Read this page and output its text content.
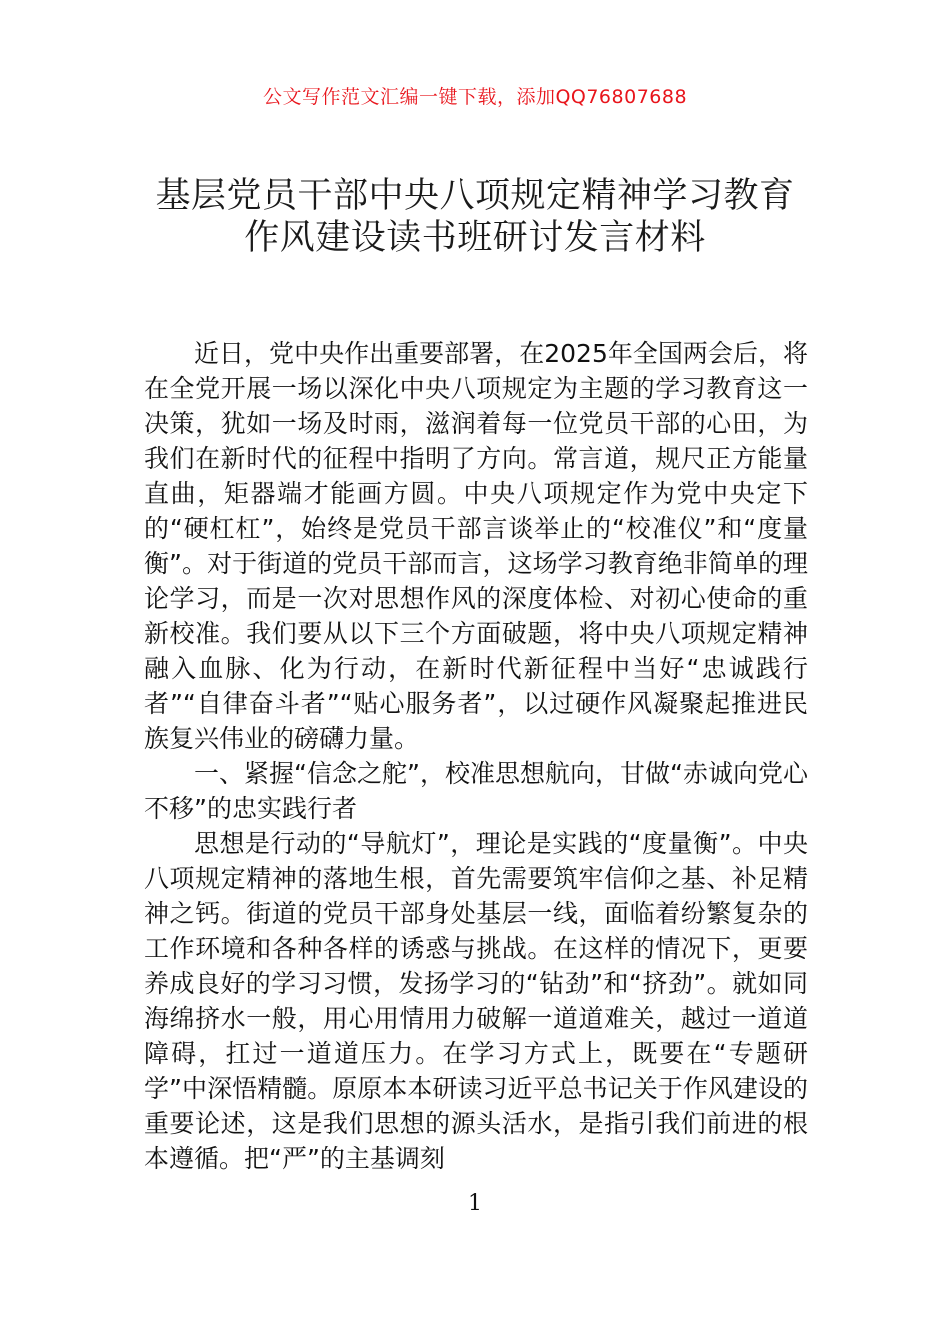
公文写作范文汇编一键下载，添加QQ76807688
基层党员干部中央八项规定精神学习教育
作风建设读书班研讨发言材料

近日，党中央作出重要部署，在2025年全国两会后，将在全党开展一场以深化中央八项规定为主题的学习教育这一决策，犹如一场及时雨，滋润着每一位党员干部的心田，为我们在新时代的征程中指明了方向。常言道，规尺正方能量直曲，矩器端才能画方圆。中央八项规定作为党中央定下的“硬杠杠”，始终是党员干部言谈举止的“校准仪”和“度量衡”。对于街道的党员干部而言，这场学习教育绝非简单的理论学习，而是一次对思想作风的深度体检、对初心使命的重新校准。我们要从以下三个方面破题，将中央八项规定精神融入血脉、化为行动，在新时代新征程中当好“忠诚践行者”“自律奋斗者”“贴心服务者”，以过硬作风凝聚起推进民族复兴伟业的磅礴力量。

一、紧握“信念之舵”，校准思想航向，甘做“赤诚向党心不移”的忠实践行者

思想是行动的“导航灯”，理论是实践的“度量衡”。中央八项规定精神的落地生根，首先需要筑牢信仰之基、补足精神之钙。街道的党员干部身处基层一线，面临着纷繁复杂的工作环境和各种各样的诱惑与挑战。在这样的情况下，更要养成良好的学习习惯，发扬学习的“钻劲”和“挤劲”。就如同海绵挤水一般，用心用情用力破解一道道难关，越过一道道障碍，扛过一道道压力。在学习方式上，既要在“专题研学”中深悟精髓。原原本本研读习近平总书记关于作风建设的重要论述，这是我们思想的源头活水，是指引我们前进的根本遵循。把“严”的主基调刻

1
